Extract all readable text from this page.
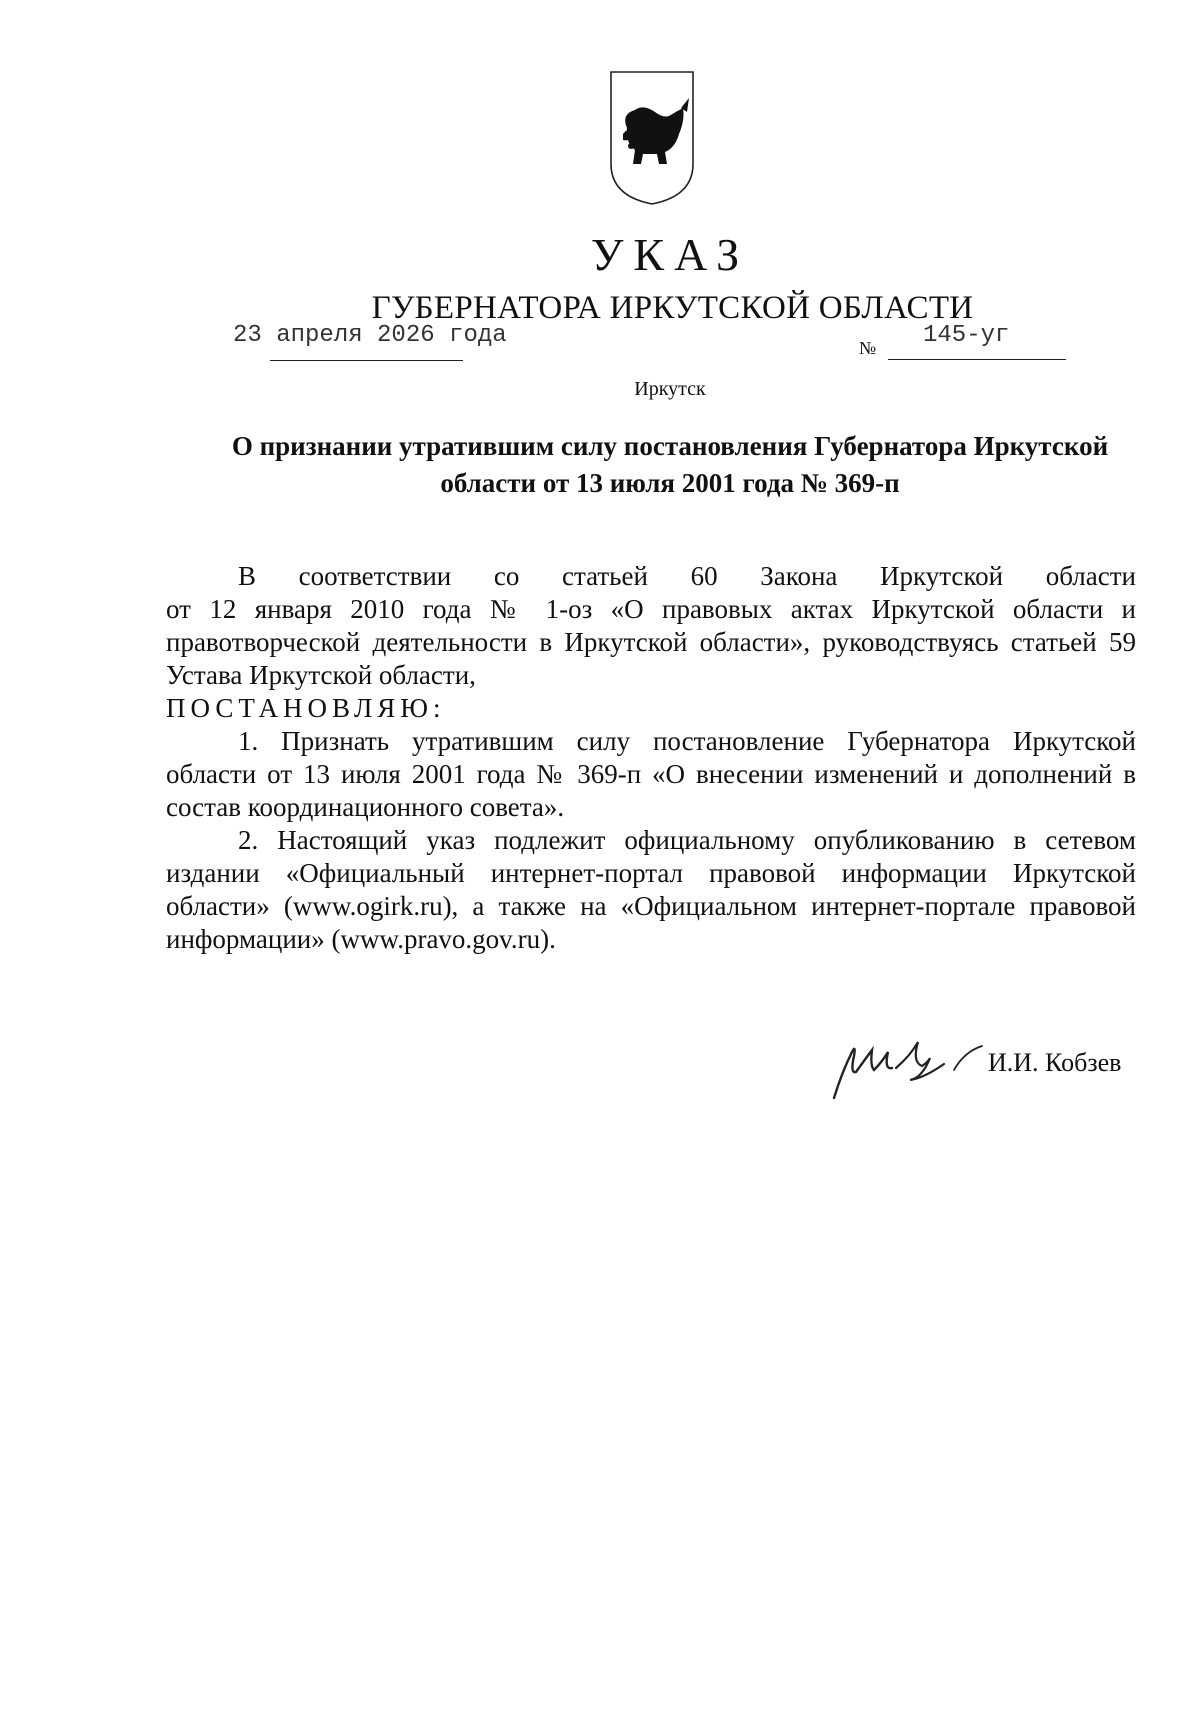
УКАЗ
ГУБЕРНАТОРА ИРКУТСКОЙ ОБЛАСТИ
23 апреля 2026 года	№ 145-уг
Иркутск
О признании утратившим силу постановления Губернатора Иркутской
области от 13 июля 2001 года № 369-п

В соответствии со статьей 60 Закона Иркутской области

от 12 января 2010 года № 1-оз «О правовых актах Иркутской области и правотворческой деятельности в Иркутской области», руководствуясь статьей 59 Устава Иркутской области,

ПОСТАНОВЛЯЮ:

1. Признать утратившим силу постановление Губернатора Иркутской области от 13 июля 2001 года № 369-п «О внесении изменений и дополнений в состав координационного совета».

2. Настоящий указ подлежит официальному опубликованию в сетевом издании «Официальный интернет-портал правовой информации Иркутской области» (www.ogirk.ru), а также на «Официальном интернет-портале правовой информации» (www.pravo.gov.ru).

И.И. Кобзев
